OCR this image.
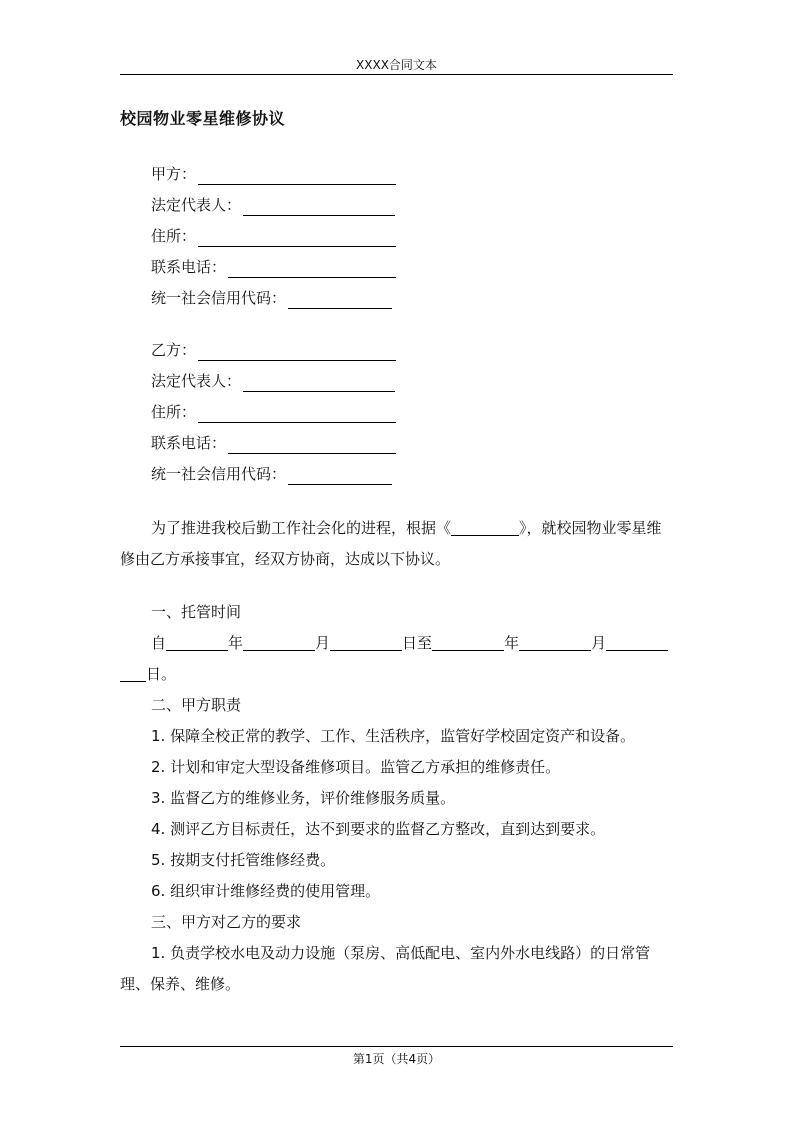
XXXX合同文本
校园物业零星维修协议
甲方：
法定代表人：
住所：
联系电话：
统一社会信用代码：
乙方：
法定代表人：
住所：
联系电话：
统一社会信用代码：

为了推进我校后勤工作社会化的进程，根据《	》，就校园物业零星维修由乙方承接事宜，经双方协商，达成以下协议。

一、托管时间

自	年	月	日至	年	月日。

二、甲方职责
1. 保障全校正常的教学、工作、生活秩序，监管好学校固定资产和设备。
2. 计划和审定大型设备维修项目。监管乙方承担的维修责任。
3. 监督乙方的维修业务，评价维修服务质量。
4. 测评乙方目标责任，达不到要求的监督乙方整改，直到达到要求。
5. 按期支付托管维修经费。
6. 组织审计维修经费的使用管理。
三、甲方对乙方的要求

1. 负责学校水电及动力设施（泵房、高低配电、室内外水电线路）的日常管理、保养、维修。

第1页（共4页）
